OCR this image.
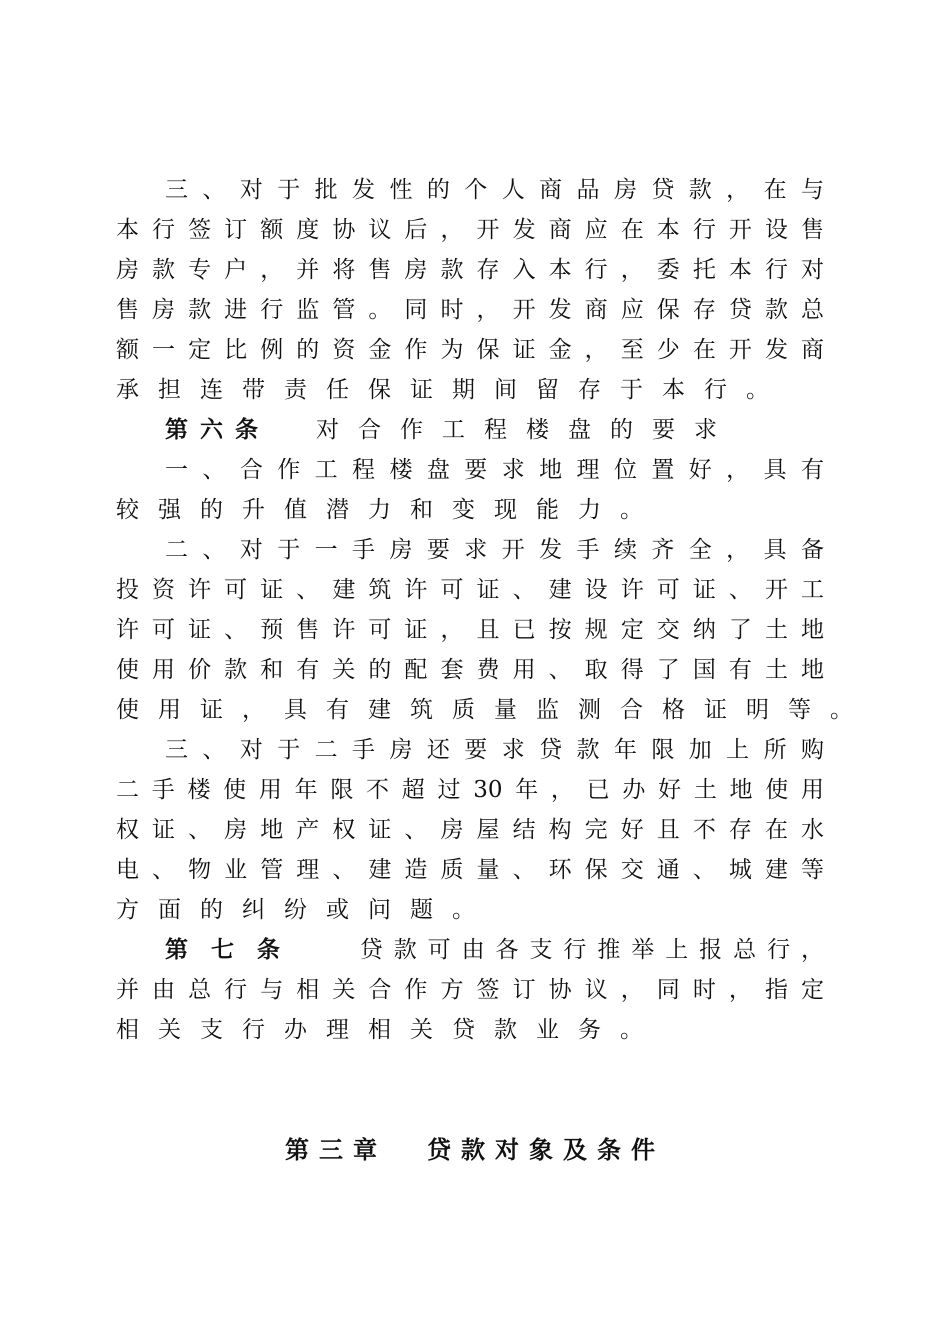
三、对于批发性的个人商品房贷款，在与
本行签订额度协议后，开发商应在本行开设售
房款专户，并将售房款存入本行，委托本行对
售房款进行监管。同时，开发商应保存贷款总
额一定比例的资金作为保证金，至少在开发商
承担连带责任保证期间留存于本行。
第六条 对合作工程楼盘的要求
一、合作工程楼盘要求地理位置好，具有
较强的升值潜力和变现能力。
二、对于一手房要求开发手续齐全，具备
投资许可证、建筑许可证、建设许可证、开工
许可证、预售许可证，且已按规定交纳了土地
使用价款和有关的配套费用、取得了国有土地
使用证，具有建筑质量监测合格证明等。
三、对于二手房还要求贷款年限加上所购
二手楼使用年限不超过30年，已办好土地使用
权证、房地产权证、房屋结构完好且不存在水
电、物业管理、建造质量、环保交通、城建等
方面的纠纷或问题。
第七条 贷款可由各支行推举上报总行，
并由总行与相关合作方签订协议，同时，指定
相关支行办理相关贷款业务。
第三章 贷款对象及条件
